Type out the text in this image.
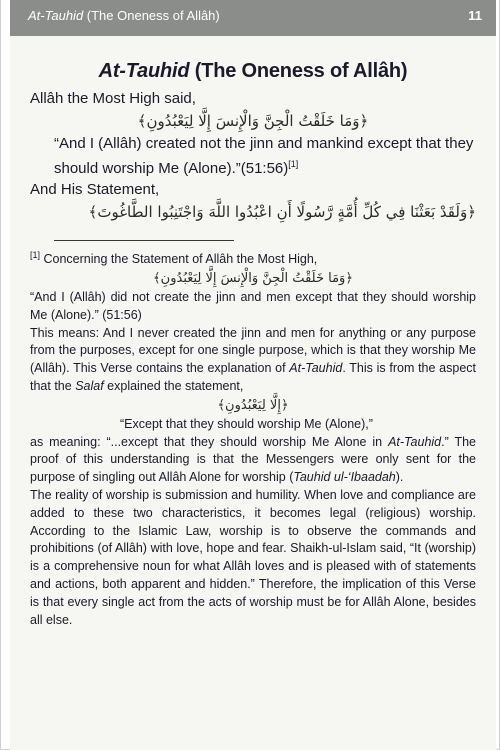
At-Tauhid (The Oneness of Allâh)	11
At-Tauhid (The Oneness of Allâh)

Allâh the Most High said,

﴿وَمَا خَلَقْتُ الْجِنَّ وَالْإِنسَ إِلَّا لِيَعْبُدُونِ﴾

“And I (Allâh) created not the jinn and mankind except that they should worship Me (Alone).”(51:56)[1]

And His Statement,

﴿وَلَقَدْ بَعَثْنَا فِي كُلِّ أُمَّةٍ رَّسُولًا أَنِ اعْبُدُوا اللَّهَ وَاجْتَنِبُوا الطَّاغُوتَ﴾

[1] Concerning the Statement of Allâh the Most High,

﴿وَمَا خَلَقْتُ الْجِنَّ وَالْإِنسَ إِلَّا لِيَعْبُدُونِ﴾

“And I (Allâh) did not create the jinn and men except that they should worship Me (Alone).” (51:56)

This means: And I never created the jinn and men for anything or any purpose from the purposes, except for one single purpose, which is that they worship Me (Allâh). This Verse contains the explanation of At-Tauhid. This is from the aspect that the Salaf explained the statement,

﴿إِلَّا لِيَعْبُدُونِ﴾

“Except that they should worship Me (Alone),”

as meaning: “...except that they should worship Me Alone in At-Tauhid.” The proof of this understanding is that the Messengers were only sent for the purpose of singling out Allâh Alone for worship (Tauhid ul-‘Ibaadah).

The reality of worship is submission and humility. When love and compliance are added to these two characteristics, it becomes legal (religious) worship. According to the Islamic Law, worship is to observe the commands and prohibitions (of Allâh) with love, hope and fear. Shaikh-ul-Islam said, “It (worship) is a comprehensive noun for what Allâh loves and is pleased with of statements and actions, both apparent and hidden.” Therefore, the implication of this Verse is that every single act from the acts of worship must be for Allâh Alone, besides all else.
